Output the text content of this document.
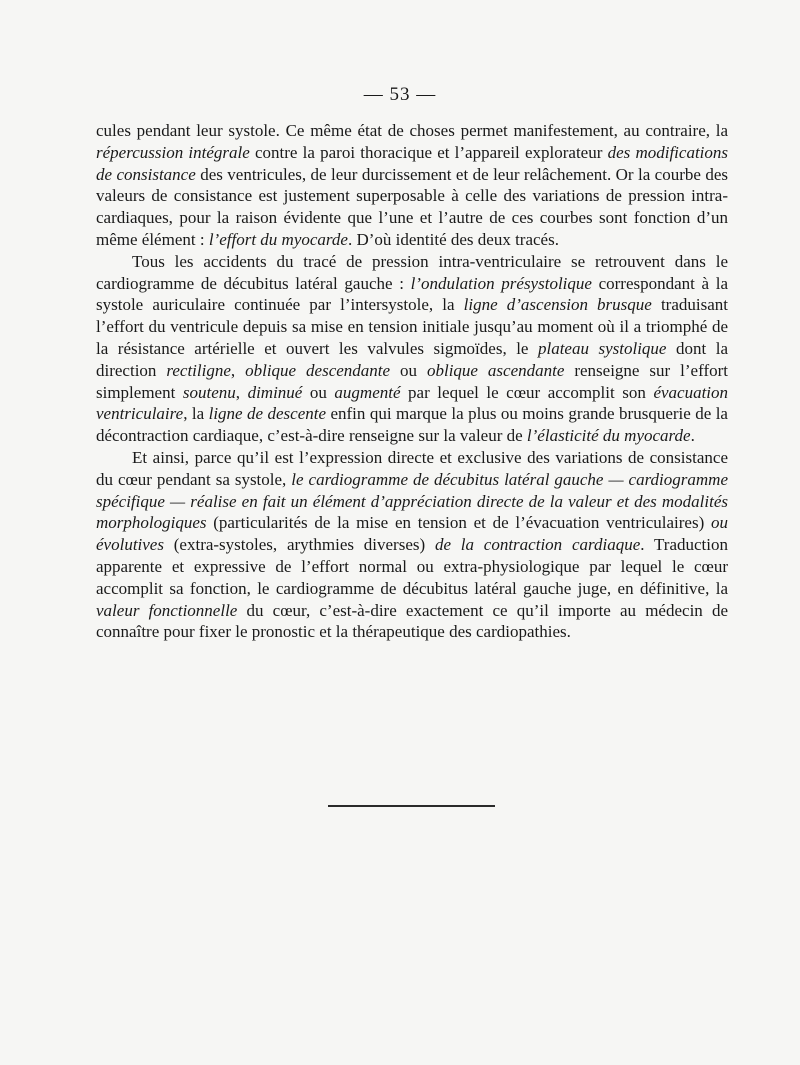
— 53 —

cules pendant leur systole. Ce même état de choses permet manifestement, au contraire, la répercussion intégrale contre la paroi thoracique et l’appareil explorateur des modifications de consistance des ventricules, de leur durcissement et de leur relâchement. Or la courbe des valeurs de consistance est justement superposable à celle des variations de pression intra-cardiaques, pour la raison évidente que l’une et l’autre de ces courbes sont fonction d’un même élément : l’effort du myocarde. D’où identité des deux tracés.

Tous les accidents du tracé de pression intra-ventriculaire se retrouvent dans le cardiogramme de décubitus latéral gauche : l’ondulation présystolique correspondant à la systole auriculaire continuée par l’intersystole, la ligne d’ascension brusque traduisant l’effort du ventricule depuis sa mise en tension initiale jusqu’au moment où il a triomphé de la résistance artérielle et ouvert les valvules sigmoïdes, le plateau systolique dont la direction rectiligne, oblique descendante ou oblique ascendante renseigne sur l’effort simplement soutenu, diminué ou augmenté par lequel le cœur accomplit son évacuation ventriculaire, la ligne de descente enfin qui marque la plus ou moins grande brusquerie de la décontraction cardiaque, c’est-à-dire renseigne sur la valeur de l’élasticité du myocarde.

Et ainsi, parce qu’il est l’expression directe et exclusive des variations de consistance du cœur pendant sa systole, le cardiogramme de décubitus latéral gauche — cardiogramme spécifique — réalise en fait un élément d’appréciation directe de la valeur et des modalités morphologiques (particularités de la mise en tension et de l’évacuation ventriculaires) ou évolutives (extra-systoles, arythmies diverses) de la contraction cardiaque. Traduction apparente et expressive de l’effort normal ou extra-physiologique par lequel le cœur accomplit sa fonction, le cardiogramme de décubitus latéral gauche juge, en définitive, la valeur fonctionnelle du cœur, c’est-à-dire exactement ce qu’il importe au médecin de connaître pour fixer le pronostic et la thérapeutique des cardiopathies.
